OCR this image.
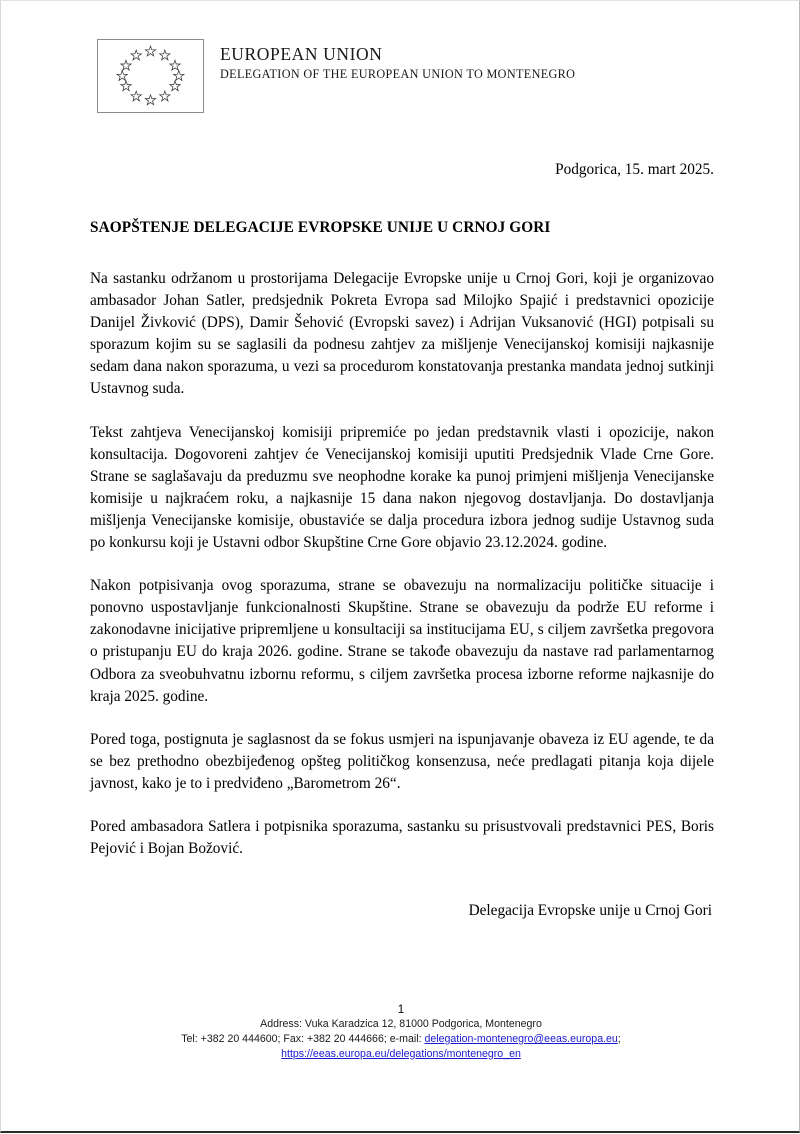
EUROPEAN UNION
DELEGATION OF THE EUROPEAN UNION TO MONTENEGRO
Podgorica, 15. mart 2025.
SAOPŠTENJE DELEGACIJE EVROPSKE UNIJE U CRNOJ GORI

Na sastanku održanom u prostorijama Delegacije Evropske unije u Crnoj Gori, koji je organizovao ambasador Johan Satler, predsjednik Pokreta Evropa sad Milojko Spajić i predstavnici opozicije Danijel Živković (DPS), Damir Šehović (Evropski savez) i Adrijan Vuksanović (HGI) potpisali su sporazum kojim su se saglasili da podnesu zahtjev za mišljenje Venecijanskoj komisiji najkasnije sedam dana nakon sporazuma, u vezi sa procedurom konstatovanja prestanka mandata jednoj sutkinji Ustavnog suda.

Tekst zahtjeva Venecijanskoj komisiji pripremiće po jedan predstavnik vlasti i opozicije, nakon konsultacija. Dogovoreni zahtjev će Venecijanskoj komisiji uputiti Predsjednik Vlade Crne Gore. Strane se saglašavaju da preduzmu sve neophodne korake ka punoj primjeni mišljenja Venecijanske komisije u najkraćem roku, a najkasnije 15 dana nakon njegovog dostavljanja. Do dostavljanja mišljenja Venecijanske komisije, obustaviće se dalja procedura izbora jednog sudije Ustavnog suda po konkursu koji je Ustavni odbor Skupštine Crne Gore objavio 23.12.2024. godine.

Nakon potpisivanja ovog sporazuma, strane se obavezuju na normalizaciju političke situacije i ponovno uspostavljanje funkcionalnosti Skupštine. Strane se obavezuju da podrže EU reforme i zakonodavne inicijative pripremljene u konsultaciji sa institucijama EU, s ciljem završetka pregovora o pristupanju EU do kraja 2026. godine. Strane se takođe obavezuju da nastave rad parlamentarnog Odbora za sveobuhvatnu izbornu reformu, s ciljem završetka procesa izborne reforme najkasnije do kraja 2025. godine.

Pored toga, postignuta je saglasnost da se fokus usmjeri na ispunjavanje obaveza iz EU agende, te da se bez prethodno obezbijeđenog opšteg političkog konsenzusa, neće predlagati pitanja koja dijele javnost, kako je to i predviđeno „Barometrom 26“.

Pored ambasadora Satlera i potpisnika sporazuma, sastanku su prisustvovali predstavnici PES, Boris Pejović i Bojan Božović.

Delegacija Evropske unije u Crnoj Gori
1
Address: Vuka Karadzica 12, 81000 Podgorica, Montenegro
Tel: +382 20 444600; Fax: +382 20 444666; e-mail: delegation-montenegro@eeas.europa.eu;
https://eeas.europa.eu/delegations/montenegro_en
